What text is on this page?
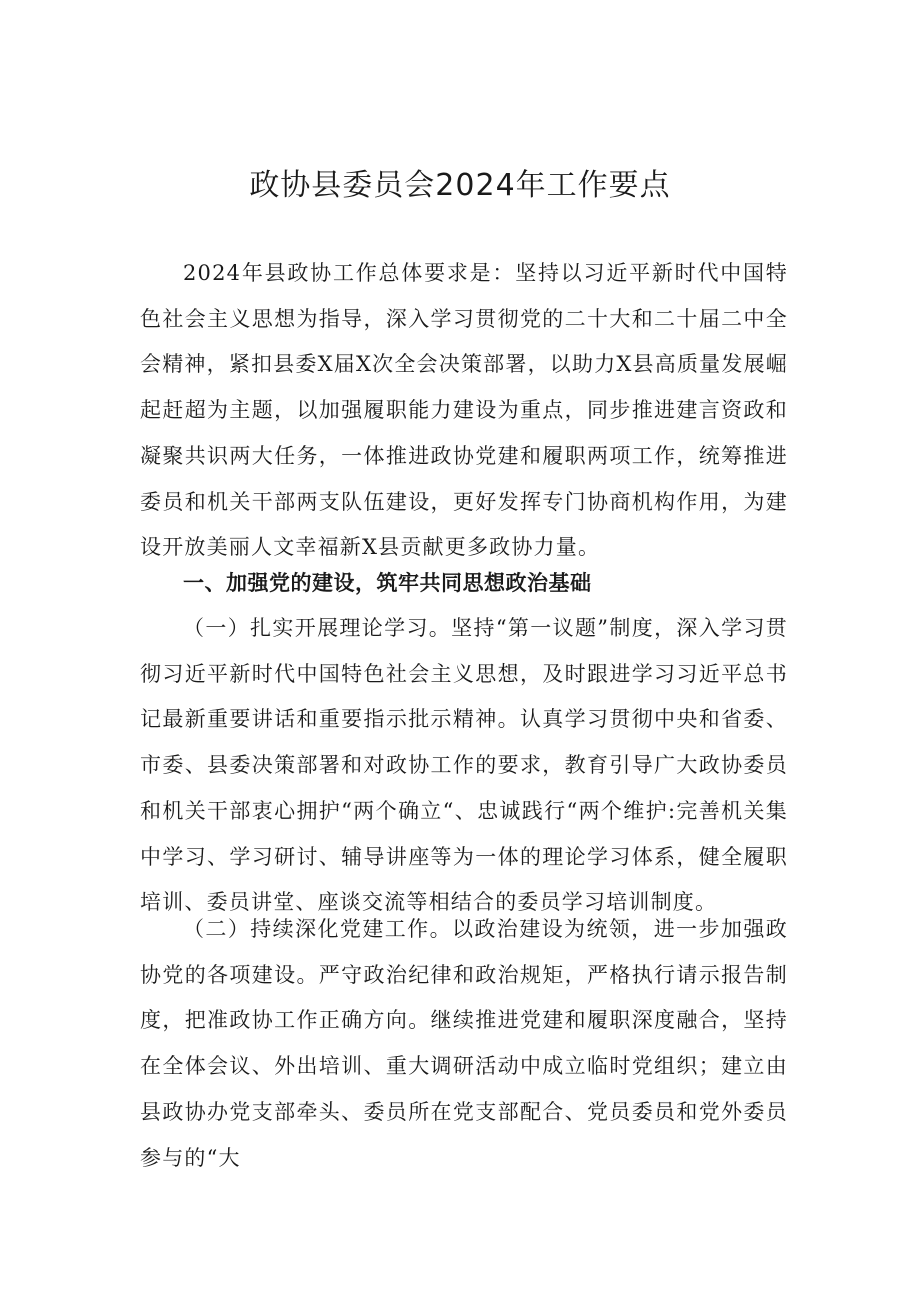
政协县委员会2024年工作要点

2024年县政协工作总体要求是：坚持以习近平新时代中国特色社会主义思想为指导，深入学习贯彻党的二十大和二十届二中全会精神，紧扣县委X届X次全会决策部署，以助力X县高质量发展崛起赶超为主题，以加强履职能力建设为重点，同步推进建言资政和凝聚共识两大任务，一体推进政协党建和履职两项工作，统筹推进委员和机关干部两支队伍建设，更好发挥专门协商机构作用，为建设开放美丽人文幸福新X县贡献更多政协力量。

一、加强党的建设，筑牢共同思想政治基础

（一）扎实开展理论学习。坚持“第一议题”制度，深入学习贯彻习近平新时代中国特色社会主义思想，及时跟进学习习近平总书记最新重要讲话和重要指示批示精神。认真学习贯彻中央和省委、市委、县委决策部署和对政协工作的要求，教育引导广大政协委员和机关干部衷心拥护“两个确立“、忠诚践行“两个维护:完善机关集中学习、学习研讨、辅导讲座等为一体的理论学习体系，健全履职培训、委员讲堂、座谈交流等相结合的委员学习培训制度。

（二）持续深化党建工作。以政治建设为统领，进一步加强政协党的各项建设。严守政治纪律和政治规矩，严格执行请示报告制度，把准政协工作正确方向。继续推进党建和履职深度融合，坚持在全体会议、外出培训、重大调研活动中成立临时党组织；建立由县政协办党支部牵头、委员所在党支部配合、党员委员和党外委员参与的“大
